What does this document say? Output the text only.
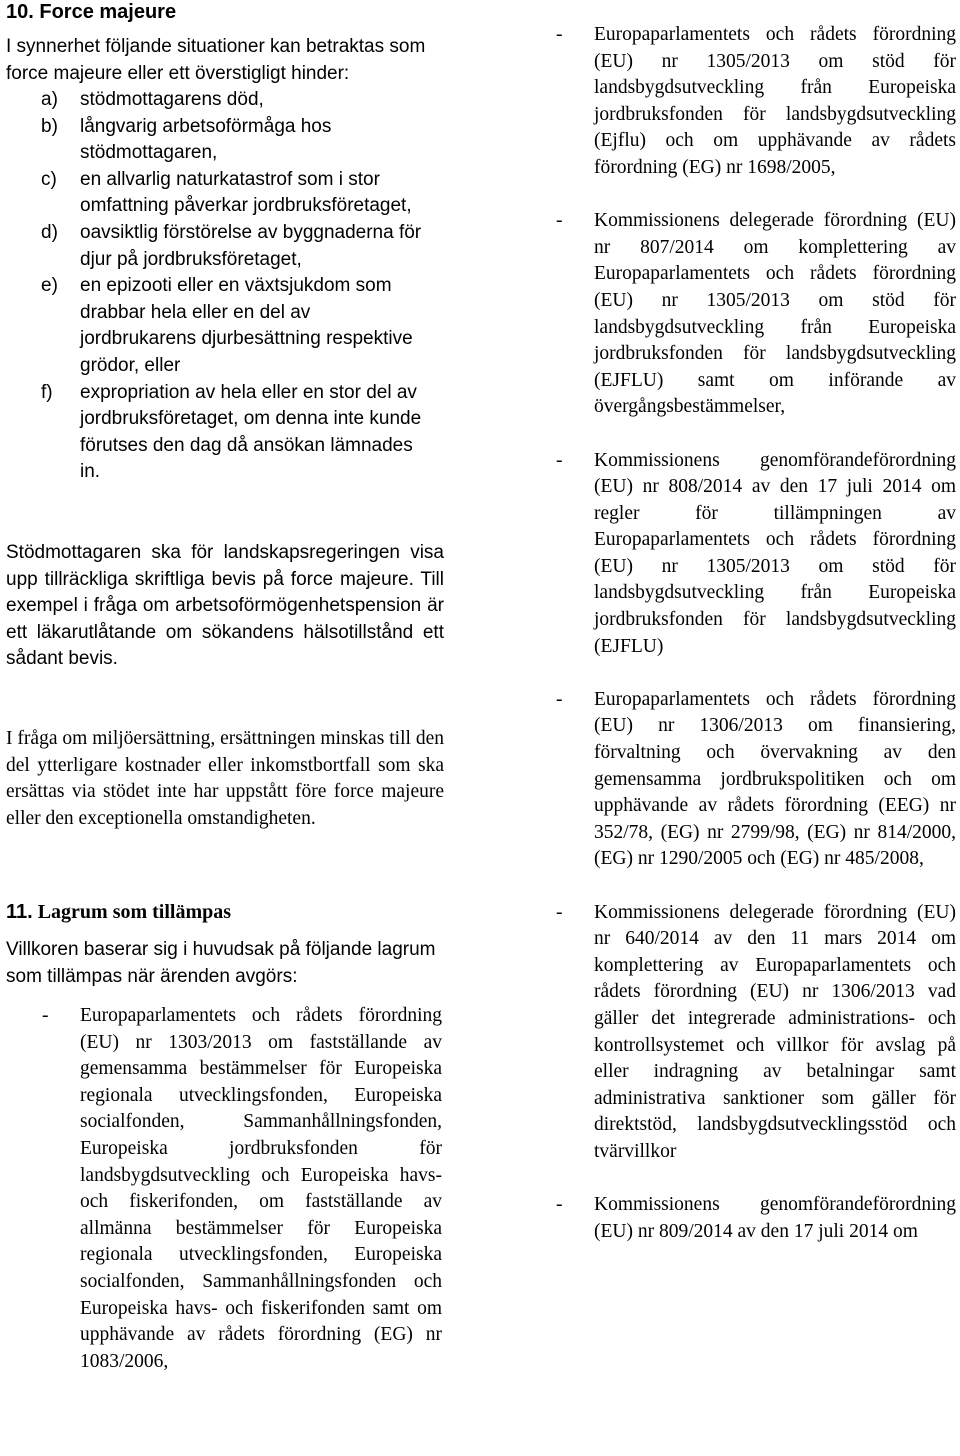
10. Force majeure

I synnerhet följande situationer kan betraktas som force majeure eller ett överstigligt hinder:

a) stödmottagarens död,
b) långvarig arbetsoförmåga hos stödmottagaren,
c) en allvarlig naturkatastrof som i stor omfattning påverkar jordbruksföretaget,
d) oavsiktlig förstörelse av byggnaderna för djur på jordbruksföretaget,
e) en epizooti eller en växtsjukdom som drabbar hela eller en del av jordbrukarens djurbesättning respektive grödor, eller
f) expropriation av hela eller en stor del av jordbruksföretaget, om denna inte kunde förutses den dag då ansökan lämnades in.

Stödmottagaren ska för landskapsregeringen visa upp tillräckliga skriftliga bevis på force majeure. Till exempel i fråga om arbetsoförmögenhetspension är ett läkarutlåtande om sökandens hälsotillstånd ett sådant bevis.

I fråga om miljöersättning, ersättningen minskas till den del ytterligare kostnader eller inkomstbortfall som ska ersättas via stödet inte har uppstått före force majeure eller den exceptionella omstandigheten.

11. Lagrum som tillämpas

Villkoren baserar sig i huvudsak på följande lagrum som tillämpas när ärenden avgörs:

- Europaparlamentets och rådets förordning (EU) nr 1303/2013 om fastställande av gemensamma bestämmelser för Europeiska regionala utvecklingsfonden, Europeiska socialfonden, Sammanhållningsfonden, Europeiska jordbruksfonden för landsbygdsutveckling och Europeiska havs- och fiskerifonden, om fastställande av allmänna bestämmelser för Europeiska regionala utvecklingsfonden, Europeiska socialfonden, Sammanhållningsfonden och Europeiska havs- och fiskerifonden samt om upphävande av rådets förordning (EG) nr 1083/2006,
- Europaparlamentets och rådets förordning (EU) nr 1305/2013 om stöd för landsbygdsutveckling från Europeiska jordbruksfonden för landsbygdsutveckling (Ejflu) och om upphävande av rådets förordning (EG) nr 1698/2005,
- Kommissionens delegerade förordning (EU) nr 807/2014 om komplettering av Europaparlamentets och rådets förordning (EU) nr 1305/2013 om stöd för landsbygdsutveckling från Europeiska jordbruksfonden för landsbygdsutveckling (EJFLU) samt om införande av övergångsbestämmelser,
- Kommissionens genomförandeförordning (EU) nr 808/2014 av den 17 juli 2014 om regler för tillämpningen av Europaparlamentets och rådets förordning (EU) nr 1305/2013 om stöd för landsbygdsutveckling från Europeiska jordbruksfonden för landsbygdsutveckling (EJFLU)
- Europaparlamentets och rådets förordning (EU) nr 1306/2013 om finansiering, förvaltning och övervakning av den gemensamma jordbrukspolitiken och om upphävande av rådets förordning (EEG) nr 352/78, (EG) nr 2799/98, (EG) nr 814/2000, (EG) nr 1290/2005 och (EG) nr 485/2008,
- Kommissionens delegerade förordning (EU) nr 640/2014 av den 11 mars 2014 om komplettering av Europaparlamentets och rådets förordning (EU) nr 1306/2013 vad gäller det integrerade administrations- och kontrollsystemet och villkor för avslag på eller indragning av betalningar samt administrativa sanktioner som gäller för direktstöd, landsbygdsutvecklingsstöd och tvärvillkor
- Kommissionens genomförandeförordning (EU) nr 809/2014 av den 17 juli 2014 om
